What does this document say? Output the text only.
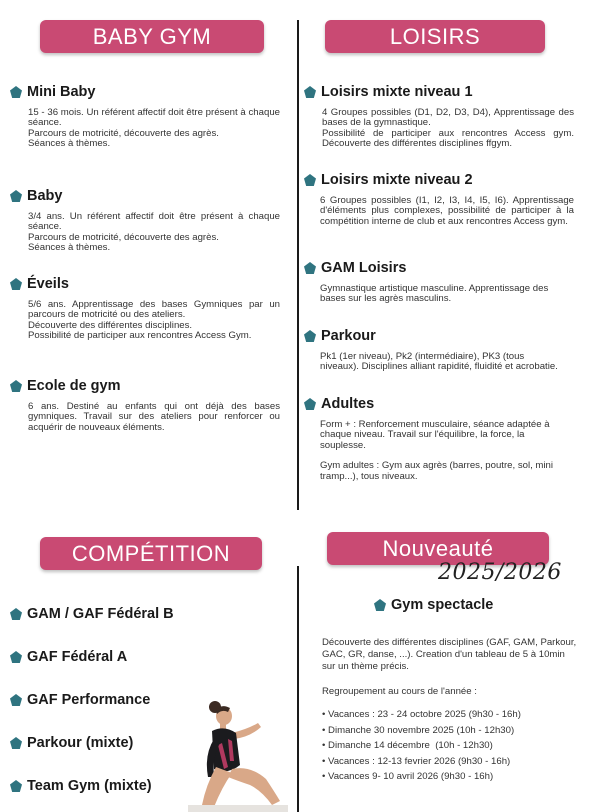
BABY GYM	LOISIRS
COMPÉTITION	Nouveauté
2025/2026
Mini Baby

15 - 36 mois. Un référent affectif doit être présent à chaque séance.

Parcours de motricité, découverte des agrès.

Séances à thèmes.

Baby

3/4 ans. Un référent affectif doit être présent à chaque séance.

Parcours de motricité, découverte des agrès.

Séances à thèmes.

Éveils

5/6 ans. Apprentissage des bases Gymniques par un parcours de motricité ou des ateliers.

Découverte des différentes disciplines.

Possibilité de participer aux rencontres Access Gym.

Ecole de gym

6 ans. Destiné au enfants qui ont déjà des bases gymniques. Travail sur des ateliers pour renforcer ou acquérir de nouveaux éléments.

Loisirs mixte niveau 1

4 Groupes possibles (D1, D2, D3, D4), Apprentissage des bases de la gymnastique.

Possibilité de participer aux rencontres Access gym. Découverte des différentes disciplines ffgym.

Loisirs mixte niveau 2

6 Groupes possibles (I1, I2, I3, I4, I5, I6). Apprentissage d'éléments plus complexes, possibilité de participer à la compétition interne de club et aux rencontres Access gym.

GAM Loisirs

Gymnastique artistique masculine. Apprentissage des bases sur les agrès masculins.

Parkour

Pk1 (1er niveau), Pk2 (intermédiaire), PK3 (tous niveaux). Disciplines alliant rapidité, fluidité et acrobatie.

Adultes

Form + : Renforcement musculaire, séance adaptée à chaque niveau. Travail sur l'équilibre, la force, la souplesse.

Gym adultes : Gym aux agrès (barres, poutre, sol, mini tramp...), tous niveaux.

GAM / GAF Fédéral B
GAF Fédéral A
GAF Performance
Parkour (mixte)
Team Gym (mixte)
Gym spectacle
Découverte des différentes disciplines (GAF, GAM, Parkour, GAC, GR, danse, ...). Creation d'un tableau de 5 à 10min sur un thème précis.
Regroupement au cours de l'année :
• Vacances : 23 - 24 octobre 2025 (9h30 - 16h)
• Dimanche 30 novembre 2025 (10h - 12h30)
• Dimanche 14 décembre  (10h - 12h30)
• Vacances : 12-13 fevrier 2026 (9h30 - 16h)
• Vacances 9- 10 avril 2026 (9h30 - 16h)
